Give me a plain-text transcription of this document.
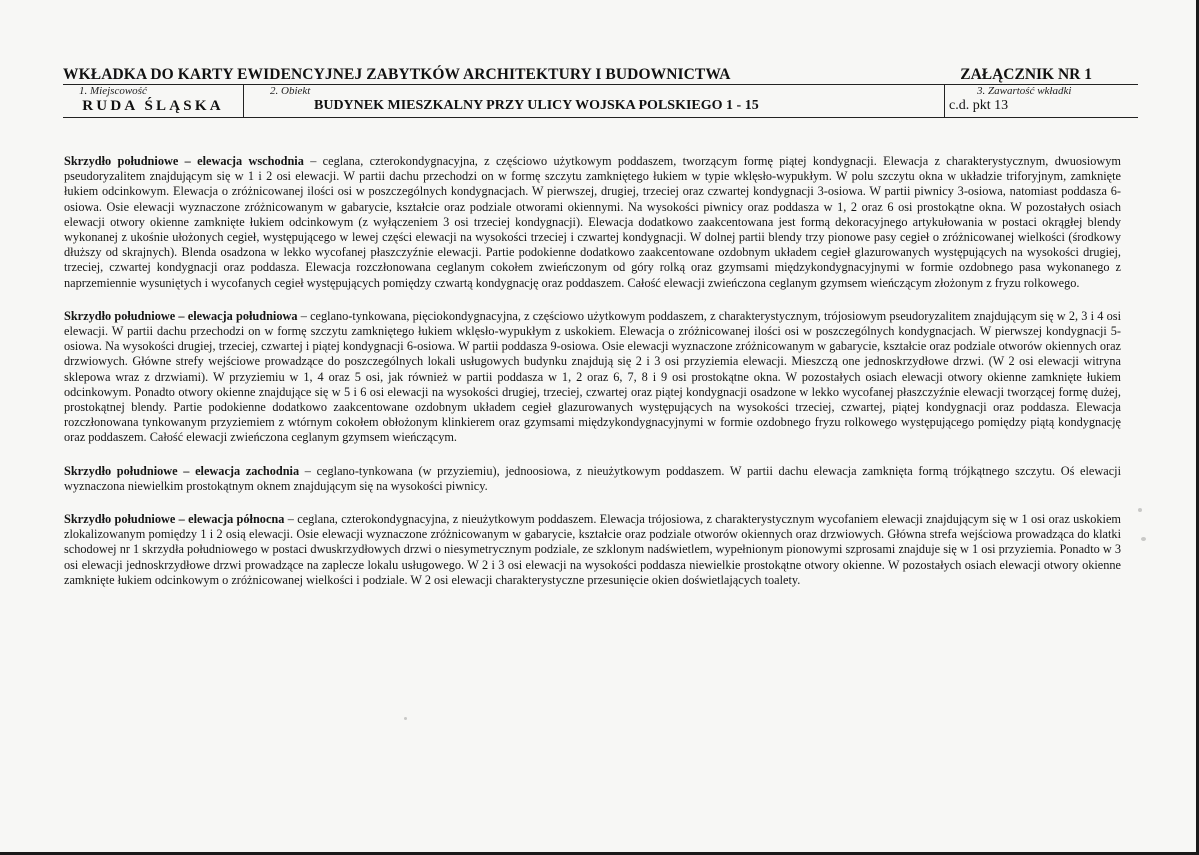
WKŁADKA DO KARTY EWIDENCYJNEJ ZABYTKÓW ARCHITEKTURY I BUDOWNICTWA	ZAŁĄCZNIK NR 1
1. Miejscowość
RUDA ŚLĄSKA
2. Obiekt
BUDYNEK MIESZKALNY PRZY ULICY WOJSKA POLSKIEGO 1 - 15
3. Zawartość wkładki
c.d. pkt 13

Skrzydło południowe – elewacja wschodnia – ceglana, czterokondygnacyjna, z częściowo użytkowym poddaszem, tworzącym formę piątej kondygnacji. Elewacja z charakterystycznym, dwuosiowym pseudoryzalitem znajdującym się w 1 i 2 osi elewacji. W partii dachu przechodzi on w formę szczytu zamkniętego łukiem w typie wklęsło-wypukłym. W polu szczytu okna w układzie triforyjnym, zamknięte łukiem odcinkowym. Elewacja o zróżnicowanej ilości osi w poszczególnych kondygnacjach. W pierwszej, drugiej, trzeciej oraz czwartej kondygnacji 3-osiowa. W partii piwnicy 3-osiowa, natomiast poddasza 6-osiowa. Osie elewacji wyznaczone zróżnicowanym w gabarycie, kształcie oraz podziale otworami okiennymi. Na wysokości piwnicy oraz poddasza w 1, 2 oraz 6 osi prostokątne okna. W pozostałych osiach elewacji otwory okienne zamknięte łukiem odcinkowym (z wyłączeniem 3 osi trzeciej kondygnacji). Elewacja dodatkowo zaakcentowana jest formą dekoracyjnego artykułowania w postaci okrągłej blendy wykonanej z ukośnie ułożonych cegieł, występującego w lewej części elewacji na wysokości trzeciej i czwartej kondygnacji. W dolnej partii blendy trzy pionowe pasy cegieł o zróżnicowanej wielkości (środkowy dłuższy od skrajnych). Blenda osadzona w lekko wycofanej płaszczyźnie elewacji. Partie podokienne dodatkowo zaakcentowane ozdobnym układem cegieł glazurowanych występujących na wysokości drugiej, trzeciej, czwartej kondygnacji oraz poddasza. Elewacja rozczłonowana ceglanym cokołem zwieńczonym od góry rolką oraz gzymsami międzykondygnacyjnymi w formie ozdobnego pasa wykonanego z naprzemiennie wysuniętych i wycofanych cegieł występujących pomiędzy czwartą kondygnację oraz poddaszem. Całość elewacji zwieńczona ceglanym gzymsem wieńczącym złożonym z fryzu rolkowego.

Skrzydło południowe – elewacja południowa – ceglano-tynkowana, pięciokondygnacyjna, z częściowo użytkowym poddaszem, z charakterystycznym, trójosiowym pseudoryzalitem znajdującym się w 2, 3 i 4 osi elewacji. W partii dachu przechodzi on w formę szczytu zamkniętego łukiem wklęsło-wypukłym z uskokiem. Elewacja o zróżnicowanej ilości osi w poszczególnych kondygnacjach. W pierwszej kondygnacji 5-osiowa. Na wysokości drugiej, trzeciej, czwartej i piątej kondygnacji 6-osiowa. W partii poddasza 9-osiowa. Osie elewacji wyznaczone zróżnicowanym w gabarycie, kształcie oraz podziale otworów okiennych oraz drzwiowych. Główne strefy wejściowe prowadzące do poszczególnych lokali usługowych budynku znajdują się 2 i 3 osi przyziemia elewacji. Mieszczą one jednoskrzydłowe drzwi. (W 2 osi elewacji witryna sklepowa wraz z drzwiami). W przyziemiu w 1, 4 oraz 5 osi, jak również w partii poddasza w 1, 2 oraz 6, 7, 8 i 9 osi prostokątne okna. W pozostałych osiach elewacji otwory okienne zamknięte łukiem odcinkowym. Ponadto otwory okienne znajdujące się w 5 i 6 osi elewacji na wysokości drugiej, trzeciej, czwartej oraz piątej kondygnacji osadzone w lekko wycofanej płaszczyźnie elewacji tworzącej formę dużej, prostokątnej blendy. Partie podokienne dodatkowo zaakcentowane ozdobnym układem cegieł glazurowanych występujących na wysokości trzeciej, czwartej, piątej kondygnacji oraz poddasza. Elewacja rozczłonowana tynkowanym przyziemiem z wtórnym cokołem obłożonym klinkierem oraz gzymsami międzykondygnacyjnymi w formie ozdobnego fryzu rolkowego występującego pomiędzy piątą kondygnację oraz poddaszem. Całość elewacji zwieńczona ceglanym gzymsem wieńczącym.

Skrzydło południowe – elewacja zachodnia – ceglano-tynkowana (w przyziemiu), jednoosiowa, z nieużytkowym poddaszem. W partii dachu elewacja zamknięta formą trójkątnego szczytu. Oś elewacji wyznaczona niewielkim prostokątnym oknem znajdującym się na wysokości piwnicy.

Skrzydło południowe – elewacja północna – ceglana, czterokondygnacyjna, z nieużytkowym poddaszem. Elewacja trójosiowa, z charakterystycznym wycofaniem elewacji znajdującym się w 1 osi oraz uskokiem zlokalizowanym pomiędzy 1 i 2 osią elewacji. Osie elewacji wyznaczone zróżnicowanym w gabarycie, kształcie oraz podziale otworów okiennych oraz drzwiowych. Główna strefa wejściowa prowadząca do klatki schodowej nr 1 skrzydła południowego w postaci dwuskrzydłowych drzwi o niesymetrycznym podziale, ze szklonym nadświetlem, wypełnionym pionowymi szprosami znajduje się w 1 osi przyziemia. Ponadto w 3 osi elewacji jednoskrzydłowe drzwi prowadzące na zaplecze lokalu usługowego. W 2 i 3 osi elewacji na wysokości poddasza niewielkie prostokątne otwory okienne. W pozostałych osiach elewacji otwory okienne zamknięte łukiem odcinkowym o zróżnicowanej wielkości i podziale. W 2 osi elewacji charakterystyczne przesunięcie okien doświetlających toalety.
